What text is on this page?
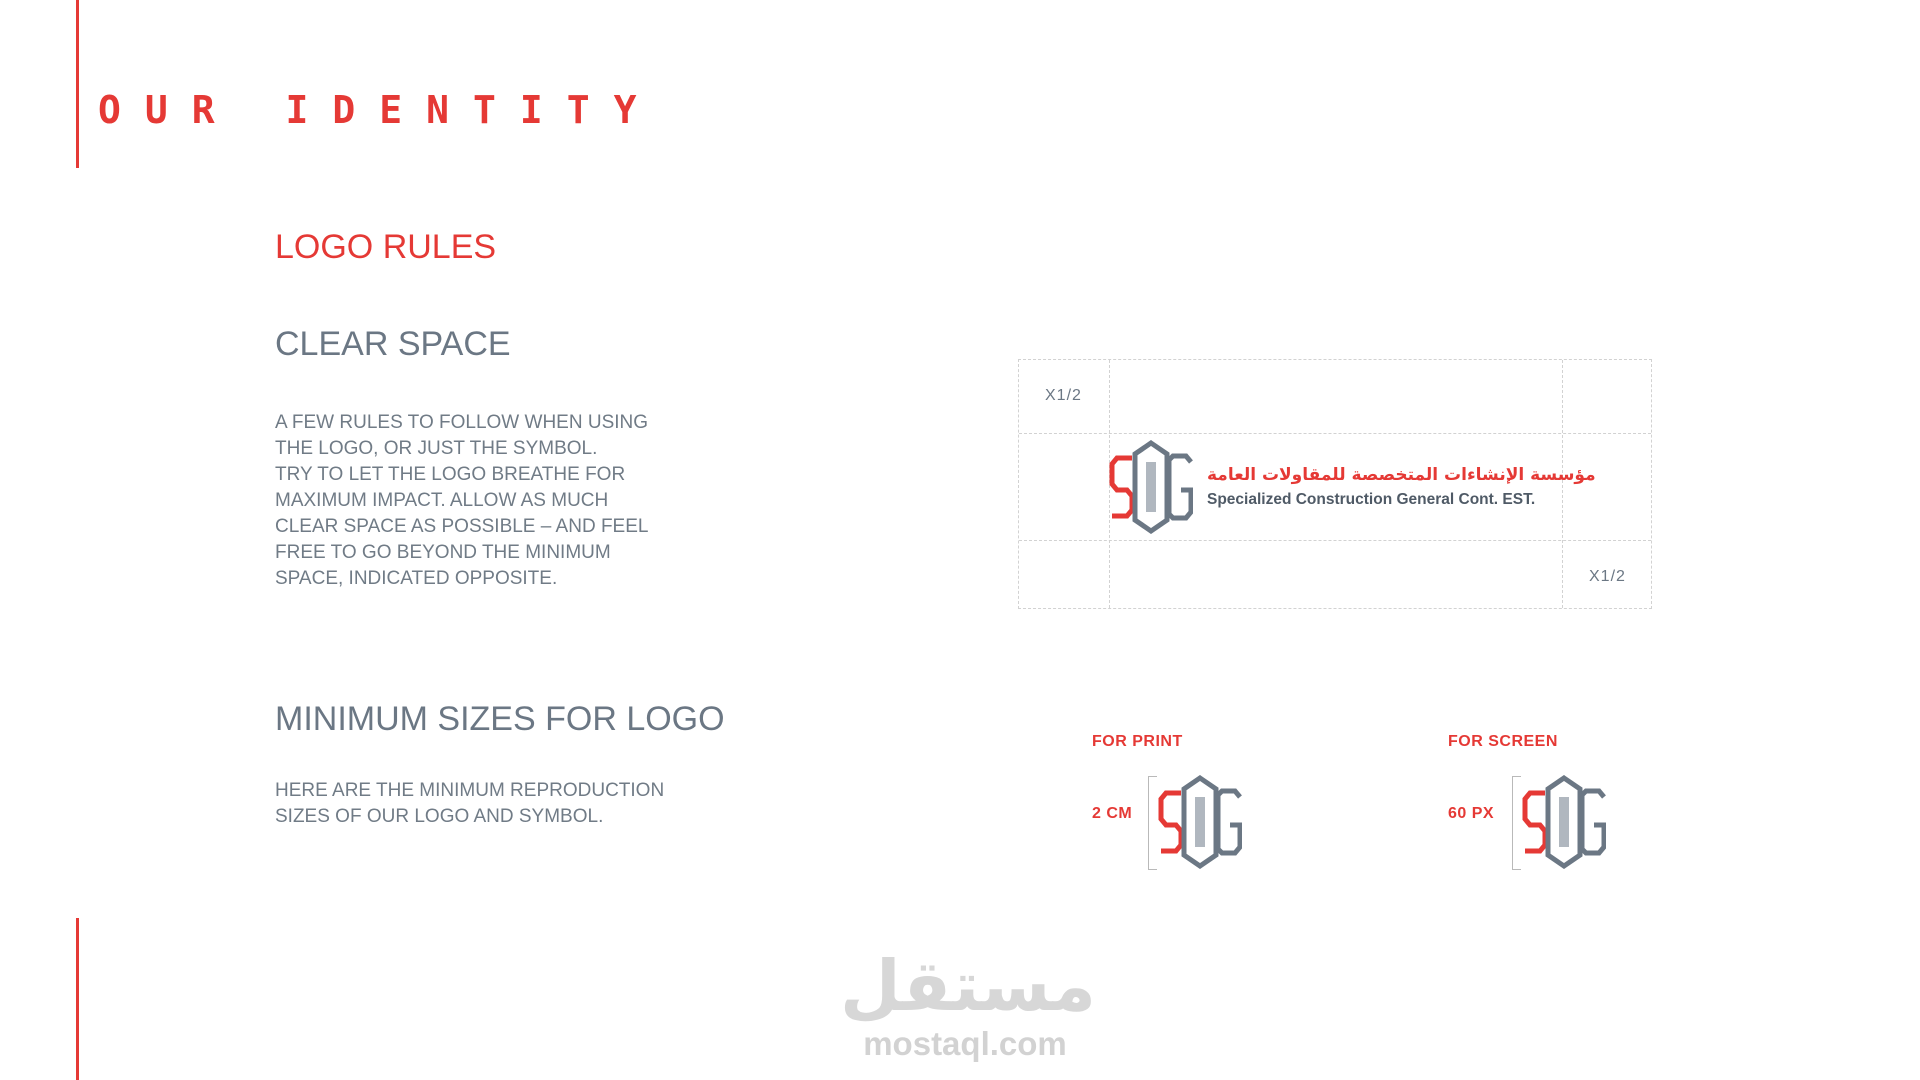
OUR IDENTITY
LOGO RULES
CLEAR SPACE
A FEW RULES TO FOLLOW WHEN USING
THE LOGO, OR JUST THE SYMBOL.
TRY TO LET THE LOGO BREATHE FOR
MAXIMUM IMPACT. ALLOW AS MUCH
CLEAR SPACE AS POSSIBLE – AND FEEL
FREE TO GO BEYOND THE MINIMUM
SPACE, INDICATED OPPOSITE.
MINIMUM SIZES FOR LOGO
HERE ARE THE MINIMUM REPRODUCTION
SIZES OF OUR LOGO AND SYMBOL.
X1/2
X1/2
مؤسسة الإنشاءات المتخصصة للمقاولات العامة
Specialized Construction General Cont. EST.
FOR PRINT
2 CM
FOR SCREEN
60 PX
مستقل
mostaql.com
